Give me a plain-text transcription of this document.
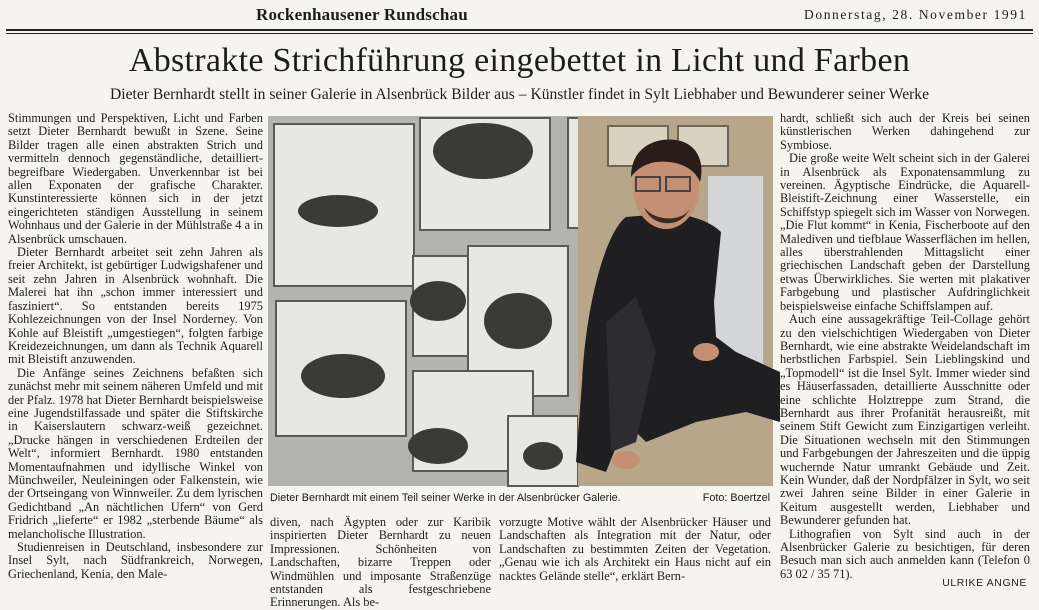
Rockenhausener Rundschau	Donnerstag, 28. November 1991
Abstrakte Strichführung eingebettet in Licht und Farben
Dieter Bernhardt stellt in seiner Galerie in Alsenbrück Bilder aus – Künstler findet in Sylt Liebhaber und Bewunderer seiner Werke

Stimmungen und Perspektiven, Licht und Farben setzt Dieter Bernhardt bewußt in Szene. Seine Bilder tragen alle einen abstrakten Strich und vermitteln dennoch gegenständliche, detailliert-begreifbare Wiedergaben. Unverkennbar ist bei allen Exponaten der grafische Charakter. Kunstinteressierte können sich in der jetzt eingerichteten ständigen Ausstellung in seinem Wohnhaus und der Galerie in der Mühlstraße 4 a in Alsenbrück umschauen.

Dieter Bernhardt arbeitet seit zehn Jahren als freier Architekt, ist gebürtiger Ludwigshafener und seit zehn Jahren in Alsenbrück wohnhaft. Die Malerei hat ihn „schon immer interessiert und fasziniert“. So entstanden bereits 1975 Kohlezeichnungen von der Insel Norderney. Von Kohle auf Bleistift „umgestiegen“, folgten farbige Kreidezeichnungen, um dann als Technik Aquarell mit Bleistift anzuwenden.

Die Anfänge seines Zeichnens befaßten sich zunächst mehr mit seinem näheren Umfeld und mit der Pfalz. 1978 hat Dieter Bernhardt beispielsweise eine Jugendstilfassade und später die Stiftskirche in Kaiserslautern schwarz-weiß gezeichnet. „Drucke hängen in verschiedenen Erdteilen der Welt“, informiert Bernhardt. 1980 entstanden Momentaufnahmen und idyllische Winkel von Münchweiler, Neuleiningen oder Falkenstein, wie der Ortseingang von Winnweiler. Zu dem lyrischen Gedichtband „An nächtlichen Ufern“ von Gerd Fridrich „lieferte“ er 1982 „sterbende Bäume“ als melancholische Illustration.

Studienreisen in Deutschland, insbesondere zur Insel Sylt, nach Südfrankreich, Norwegen, Griechenland, Kenia, den Male-

Dieter Bernhardt mit einem Teil seiner Werke in der Alsenbrücker Galerie.	Foto: Boertzel

diven, nach Ägypten oder zur Karibik inspirierten Dieter Bernhardt zu neuen Impressionen. Schönheiten von Landschaften, bizarre Treppen oder Windmühlen und imposante Straßenzüge entstanden als festgeschriebene Erinnerungen. Als be-

vorzugte Motive wählt der Alsenbrücker Häuser und Landschaften als Integration mit der Natur, oder Landschaften zu bestimmten Zeiten der Vegetation. „Genau wie ich als Architekt ein Haus nicht auf ein nacktes Gelände stelle“, erklärt Bern-

hardt, schließt sich auch der Kreis bei seinen künstlerischen Werken dahingehend zur Symbiose.

Die große weite Welt scheint sich in der Galerei in Alsenbrück als Exponatensammlung zu vereinen. Ägyptische Eindrücke, die Aquarell-Bleistift-Zeichnung einer Wasserstelle, ein Schiffstyp spiegelt sich im Wasser von Norwegen. „Die Flut kommt“ in Kenia, Fischerboote auf den Malediven und tiefblaue Wasserflächen im hellen, alles überstrahlenden Mittagslicht einer griechischen Landschaft geben der Darstellung etwas Überwirkliches. Sie werten mit plakativer Farbgebung und plastischer Aufdringlichkeit beispielsweise einfache Schiffslampen auf.

Auch eine aussagekräftige Teil-Collage gehört zu den vielschichtigen Wiedergaben von Dieter Bernhardt, wie eine abstrakte Weidelandschaft im herbstlichen Farbspiel. Sein Lieblingskind und „Topmodell“ ist die Insel Sylt. Immer wieder sind es Häuserfassaden, detaillierte Ausschnitte oder eine schlichte Holztreppe zum Strand, die Bernhardt aus ihrer Profanität herausreißt, mit seinem Stift Gewicht zum Einzigartigen verleiht. Die Situationen wechseln mit den Stimmungen und Farbgebungen der Jahreszeiten und die üppig wuchernde Natur umrankt Gebäude und Zeit. Kein Wunder, daß der Nordpfälzer in Sylt, wo seit zwei Jahren seine Bilder in einer Galerie in Keitum ausgestellt werden, Liebhaber und Bewunderer gefunden hat.

Lithografien von Sylt sind auch in der Alsenbrücker Galerie zu besichtigen, für deren Besuch man sich auch anmelden kann (Telefon 0 63 02 / 35 71).

ULRIKE ANGNE
